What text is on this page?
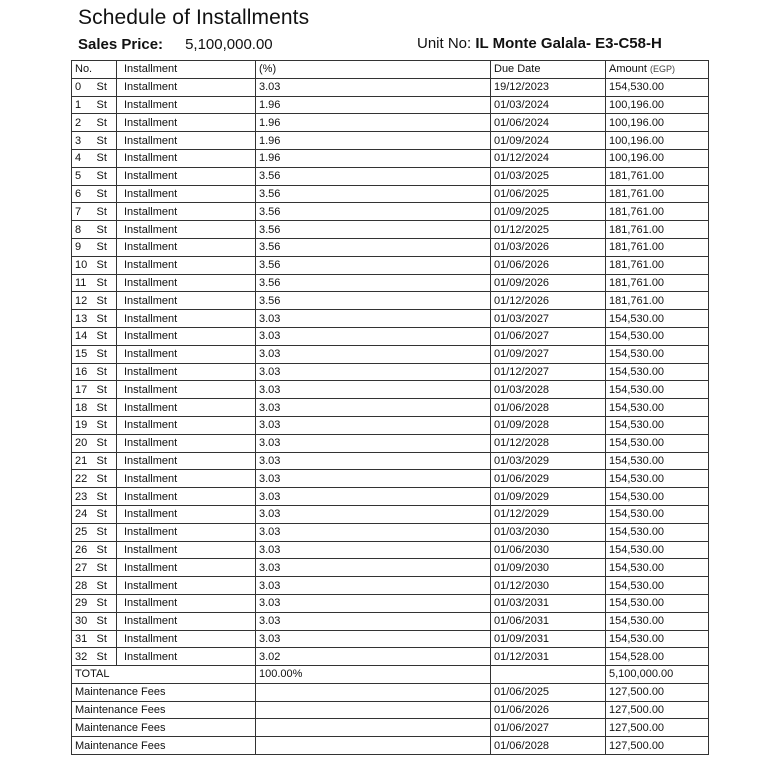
Schedule of Installments
Sales Price: 5,100,000.00	Unit No: IL Monte Galala- E3-C58-H
No.		Installment	(%)	Due Date	Amount (EGP)
0	St	Installment	3.03	19/12/2023	154,530.00
1	St	Installment	1.96	01/03/2024	100,196.00
2	St	Installment	1.96	01/06/2024	100,196.00
3	St	Installment	1.96	01/09/2024	100,196.00
4	St	Installment	1.96	01/12/2024	100,196.00
5	St	Installment	3.56	01/03/2025	181,761.00
6	St	Installment	3.56	01/06/2025	181,761.00
7	St	Installment	3.56	01/09/2025	181,761.00
8	St	Installment	3.56	01/12/2025	181,761.00
9	St	Installment	3.56	01/03/2026	181,761.00
10	St	Installment	3.56	01/06/2026	181,761.00
11	St	Installment	3.56	01/09/2026	181,761.00
12	St	Installment	3.56	01/12/2026	181,761.00
13	St	Installment	3.03	01/03/2027	154,530.00
14	St	Installment	3.03	01/06/2027	154,530.00
15	St	Installment	3.03	01/09/2027	154,530.00
16	St	Installment	3.03	01/12/2027	154,530.00
17	St	Installment	3.03	01/03/2028	154,530.00
18	St	Installment	3.03	01/06/2028	154,530.00
19	St	Installment	3.03	01/09/2028	154,530.00
20	St	Installment	3.03	01/12/2028	154,530.00
21	St	Installment	3.03	01/03/2029	154,530.00
22	St	Installment	3.03	01/06/2029	154,530.00
23	St	Installment	3.03	01/09/2029	154,530.00
24	St	Installment	3.03	01/12/2029	154,530.00
25	St	Installment	3.03	01/03/2030	154,530.00
26	St	Installment	3.03	01/06/2030	154,530.00
27	St	Installment	3.03	01/09/2030	154,530.00
28	St	Installment	3.03	01/12/2030	154,530.00
29	St	Installment	3.03	01/03/2031	154,530.00
30	St	Installment	3.03	01/06/2031	154,530.00
31	St	Installment	3.03	01/09/2031	154,530.00
32	St	Installment	3.02	01/12/2031	154,528.00
TOTAL			100.00%		5,100,000.00
Maintenance Fees				01/06/2025	127,500.00
Maintenance Fees				01/06/2026	127,500.00
Maintenance Fees				01/06/2027	127,500.00
Maintenance Fees				01/06/2028	127,500.00
